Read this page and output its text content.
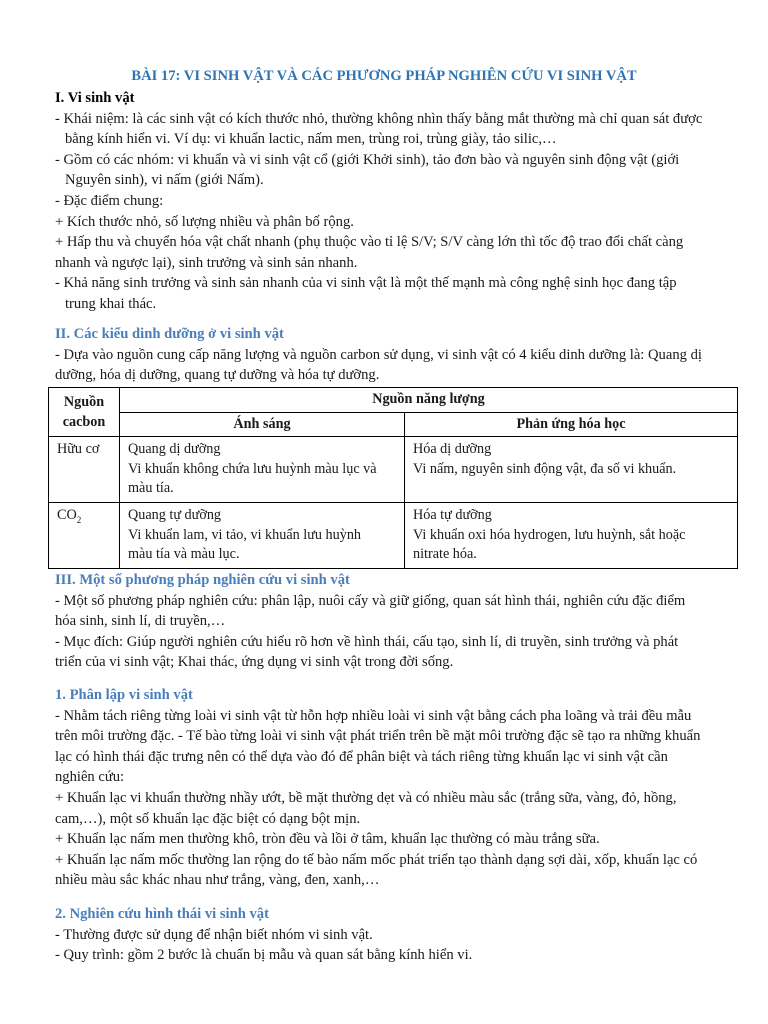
BÀI 17: VI SINH VẬT VÀ CÁC PHƯƠNG PHÁP NGHIÊN CỨU VI SINH VẬT
I. Vi sinh vật
- Khái niệm: là các sinh vật có kích thước nhỏ, thường không nhìn thấy bằng mắt thường mà chỉ quan sát được
bằng kính hiển vi. Ví dụ: vi khuẩn lactic, nấm men, trùng roi, trùng giày, tảo silic,…
- Gồm có các nhóm: vi khuẩn và vi sinh vật cổ (giới Khởi sinh), tảo đơn bào và nguyên sinh động vật (giới
Nguyên sinh), vi nấm (giới Nấm).
- Đặc điểm chung:
+ Kích thước nhỏ, số lượng nhiều và phân bố rộng.
+ Hấp thu và chuyển hóa vật chất nhanh (phụ thuộc vào tỉ lệ S/V; S/V càng lớn thì tốc độ trao đổi chất càng
nhanh và ngược lại), sinh trưởng và sinh sản nhanh.
- Khả năng sinh trưởng và sinh sản nhanh của vi sinh vật là một thế mạnh mà công nghệ sinh học đang tập
trung khai thác.
II. Các kiểu dinh dưỡng ở vi sinh vật
- Dựa vào nguồn cung cấp năng lượng và nguồn carbon sử dụng, vi sinh vật có 4 kiểu dinh dưỡng là: Quang dị
dưỡng, hóa dị dưỡng, quang tự dưỡng và hóa tự dưỡng.
Nguồn
cacbon	Nguồn năng lượng	
	Ánh sáng	Phản ứng hóa học
Hữu cơ	Quang dị dưỡng
Vi khuẩn không chứa lưu huỳnh màu lục và
màu tía.	Hóa dị dưỡng
Vi nấm, nguyên sinh động vật, đa số vi khuẩn.
$CO_2$	Quang tự dưỡng
Vi khuẩn lam, vi tảo, vi khuẩn lưu huỳnh
màu tía và màu lục.	Hóa tự dưỡng
Vi khuẩn oxi hóa hydrogen, lưu huỳnh, sắt hoặc
nitrate hóa.
III. Một số phương pháp nghiên cứu vi sinh vật
- Một số phương pháp nghiên cứu: phân lập, nuôi cấy và giữ giống, quan sát hình thái, nghiên cứu đặc điểm
hóa sinh, sinh lí, di truyền,…
- Mục đích: Giúp người nghiên cứu hiểu rõ hơn về hình thái, cấu tạo, sinh lí, di truyền, sinh trưởng và phát
triển của vi sinh vật; Khai thác, ứng dụng vi sinh vật trong đời sống.
1. Phân lập vi sinh vật
- Nhằm tách riêng từng loài vi sinh vật từ hỗn hợp nhiều loài vi sinh vật bằng cách pha loãng và trải đều mẫu
trên môi trường đặc. - Tế bào từng loài vi sinh vật phát triển trên bề mặt môi trường đặc sẽ tạo ra những khuẩn
lạc có hình thái đặc trưng nên có thể dựa vào đó để phân biệt và tách riêng từng khuẩn lạc vi sinh vật cần
nghiên cứu:
+ Khuẩn lạc vi khuẩn thường nhầy ướt, bề mặt thường dẹt và có nhiều màu sắc (trắng sữa, vàng, đỏ, hồng,
cam,…), một số khuẩn lạc đặc biệt có dạng bột mịn.
+ Khuẩn lạc nấm men thường khô, tròn đều và lồi ở tâm, khuẩn lạc thường có màu trắng sữa.
+ Khuẩn lạc nấm mốc thường lan rộng do tế bào nấm mốc phát triển tạo thành dạng sợi dài, xốp, khuẩn lạc có
nhiều màu sắc khác nhau như trắng, vàng, đen, xanh,…
2. Nghiên cứu hình thái vi sinh vật
- Thường được sử dụng để nhận biết nhóm vi sinh vật.
- Quy trình: gồm 2 bước là chuẩn bị mẫu và quan sát bằng kính hiển vi.
